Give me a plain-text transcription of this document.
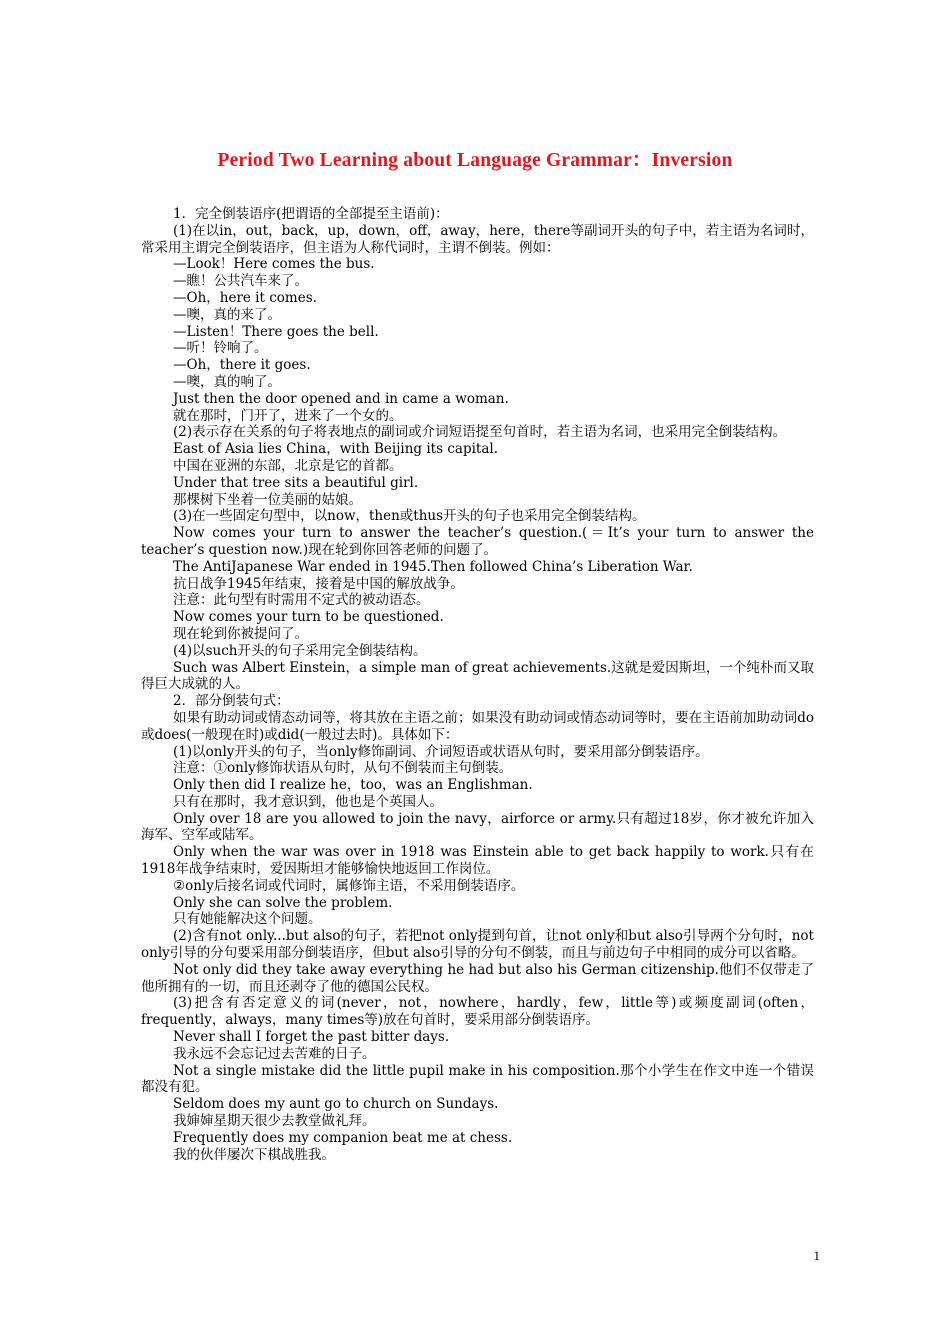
Period Two Learning about Language Grammar：Inversion

1．完全倒装语序(把谓语的全部提至主语前)：

(1)在以in，out，back，up，down，off，away，here，there等副词开头的句子中，若主语为名词时，常采用主谓完全倒装语序，但主语为人称代词时，主谓不倒装。例如：

—Look！Here comes the bus.

—瞧！公共汽车来了。

—Oh，here it comes.

—噢，真的来了。

—Listen！There goes the bell.

—听！铃响了。

—Oh，there it goes.

—噢，真的响了。

Just then the door opened and in came a woman.

就在那时，门开了，进来了一个女的。

(2)表示存在关系的句子将表地点的副词或介词短语提至句首时，若主语为名词，也采用完全倒装结构。

East of Asia lies China，with Beijing its capital.

中国在亚洲的东部，北京是它的首都。

Under that tree sits a beautiful girl.

那棵树下坐着一位美丽的姑娘。

(3)在一些固定句型中，以now，then或thus开头的句子也采用完全倒装结构。

Now comes your turn to answer the teacher’s question.(＝It’s your turn to answer the teacher’s question now.)现在轮到你回答老师的问题了。

The AntiJapanese War ended in 1945.Then followed China’s Liberation War.

抗日战争1945年结束，接着是中国的解放战争。

注意：此句型有时需用不定式的被动语态。

Now comes your turn to be questioned.

现在轮到你被提问了。

(4)以such开头的句子采用完全倒装结构。

Such was Albert Einstein，a simple man of great achievements.这就是爱因斯坦，一个纯朴而又取得巨大成就的人。

2．部分倒装句式：

如果有助动词或情态动词等，将其放在主语之前；如果没有助动词或情态动词等时，要在主语前加助动词do或does(一般现在时)或did(一般过去时)。具体如下：

(1)以only开头的句子，当only修饰副词、介词短语或状语从句时，要采用部分倒装语序。

注意：①only修饰状语从句时，从句不倒装而主句倒装。

Only then did I realize he，too，was an Englishman.

只有在那时，我才意识到，他也是个英国人。

Only over 18 are you allowed to join the navy，airforce or army.只有超过18岁，你才被允许加入海军、空军或陆军。

Only when the war was over in 1918 was Einstein able to get back happily to work.只有在1918年战争结束时，爱因斯坦才能够愉快地返回工作岗位。

②only后接名词或代词时，属修饰主语，不采用倒装语序。

Only she can solve the problem.

只有她能解决这个问题。

(2)含有not only...but also的句子，若把not only提到句首，让not only和but also引导两个分句时，not only引导的分句要采用部分倒装语序，但but also引导的分句不倒装，而且与前边句子中相同的成分可以省略。

Not only did they take away everything he had but also his German citizenship.他们不仅带走了他所拥有的一切，而且还剥夺了他的德国公民权。

(3)把含有否定意义的词(never，not，nowhere，hardly，few，little等)或频度副词(often，frequently，always，many times等)放在句首时，要采用部分倒装语序。

Never shall I forget the past bitter days.

我永远不会忘记过去苦难的日子。

Not a single mistake did the little pupil make in his composition.那个小学生在作文中连一个错误都没有犯。

Seldom does my aunt go to church on Sundays.

我婶婶星期天很少去教堂做礼拜。

Frequently does my companion beat me at chess.

我的伙伴屡次下棋战胜我。

1
